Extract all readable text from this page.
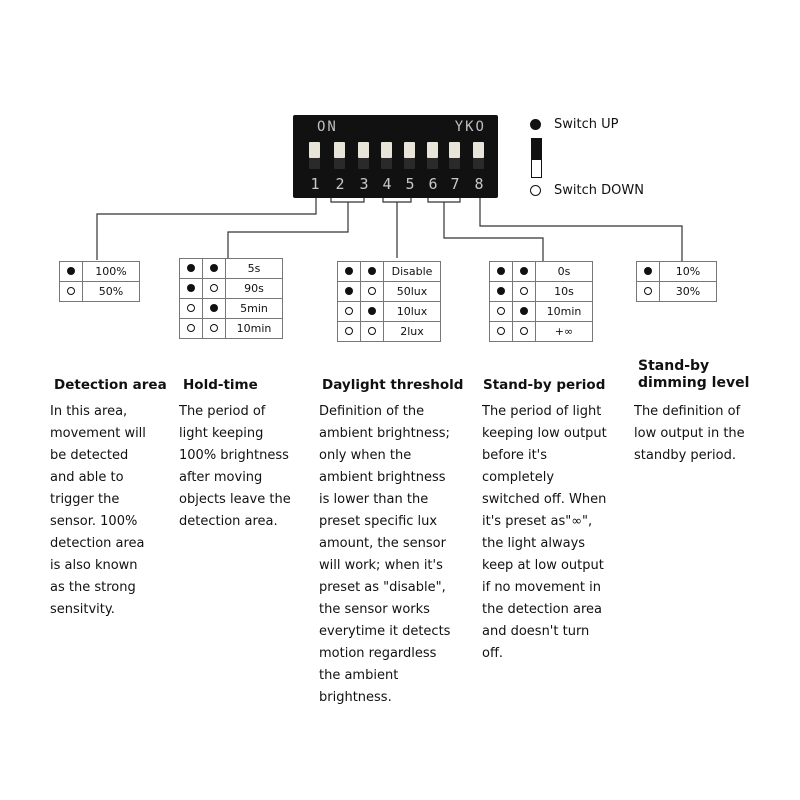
ON	YKO
1 2 3 4 5 6 7 8
Switch UP
Switch DOWN
	100%
	50%
		5s
		90s
		5min
		10min
		Disable
		50lux
		10lux
		2lux
		0s
		10s
		10min
		+∞
	10%
	30%
Detection area Hold-time	Daylight threshold Stand-by period
Stand-by
dimming level
In this area,
movement will
be detected
and able to
trigger the
sensor. 100%
detection area
is also known
as the strong
sensitvity.
The period of
light keeping
100% brightness
after moving
objects leave the
detection area.
Definition of the
ambient brightness;
only when the
ambient brightness
is lower than the
preset specific lux
amount, the sensor
will work; when it's
preset as "disable",
the sensor works
everytime it detects
motion regardless
the ambient
brightness.
The period of light
keeping low output
before it's
completely
switched off. When
it's preset as"∞",
the light always
keep at low output
if no movement in
the detection area
and doesn't turn
off.
The definition of
low output in the
standby period.
